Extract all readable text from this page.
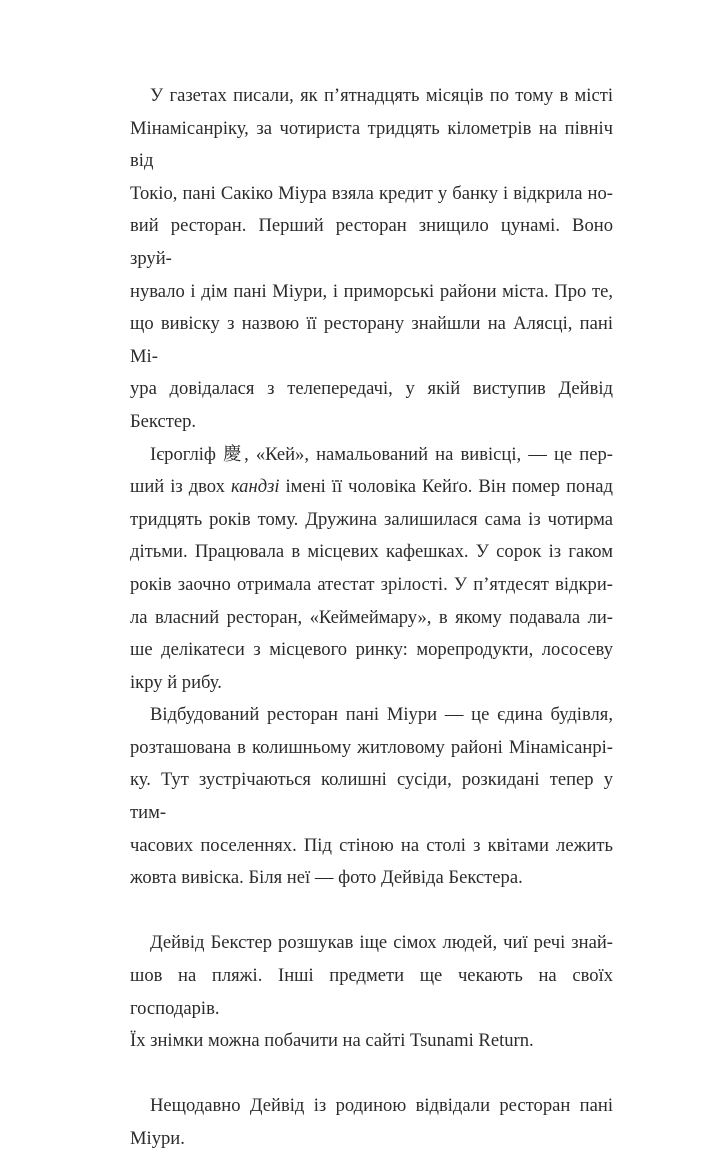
У газетах писали, як п’ятнадцять місяців по тому в місті
Мінамісанріку, за чотириста тридцять кілометрів на північ від
Токіо, пані Сакіко Міура взяла кредит у банку і відкрила но-
вий ресторан. Перший ресторан знищило цунамі. Воно зруй-
нувало і дім пані Міури, і приморські райони міста. Про те,
що вивіску з назвою її ресторану знайшли на Алясці, пані Мі-
ура довідалася з телепередачі, у якій виступив Дейвід Бекстер.
Ієрогліф 慶, «Кей», намальований на вивісці, — це пер-
ший із двох кандзі імені її чоловіка Кейґо. Він помер понад
тридцять років тому. Дружина залишилася сама із чотирма
дітьми. Працювала в місцевих кафешках. У сорок із гаком
років заочно отримала атестат зрілості. У п’ятдесят відкри-
ла власний ресторан, «Кеймеймару», в якому подавала ли-
ше делікатеси з місцевого ринку: морепродукти, лососеву
ікру й рибу.
Відбудований ресторан пані Міури — це єдина будівля,
розташована в колишньому житловому районі Мінамісанрі-
ку. Тут зустрічаються колишні сусіди, розкидані тепер у тим-
часових поселеннях. Під стіною на столі з квітами лежить
жовта вивіска. Біля неї — фото Дейвіда Бекстера.
Дейвід Бекстер розшукав іще сімох людей, чиї речі знай-
шов на пляжі. Інші предмети ще чекають на своїх господарів.
Їх знімки можна побачити на сайті Tsunami Return.
Нещодавно Дейвід із родиною відвідали ресторан пані
Міури.
